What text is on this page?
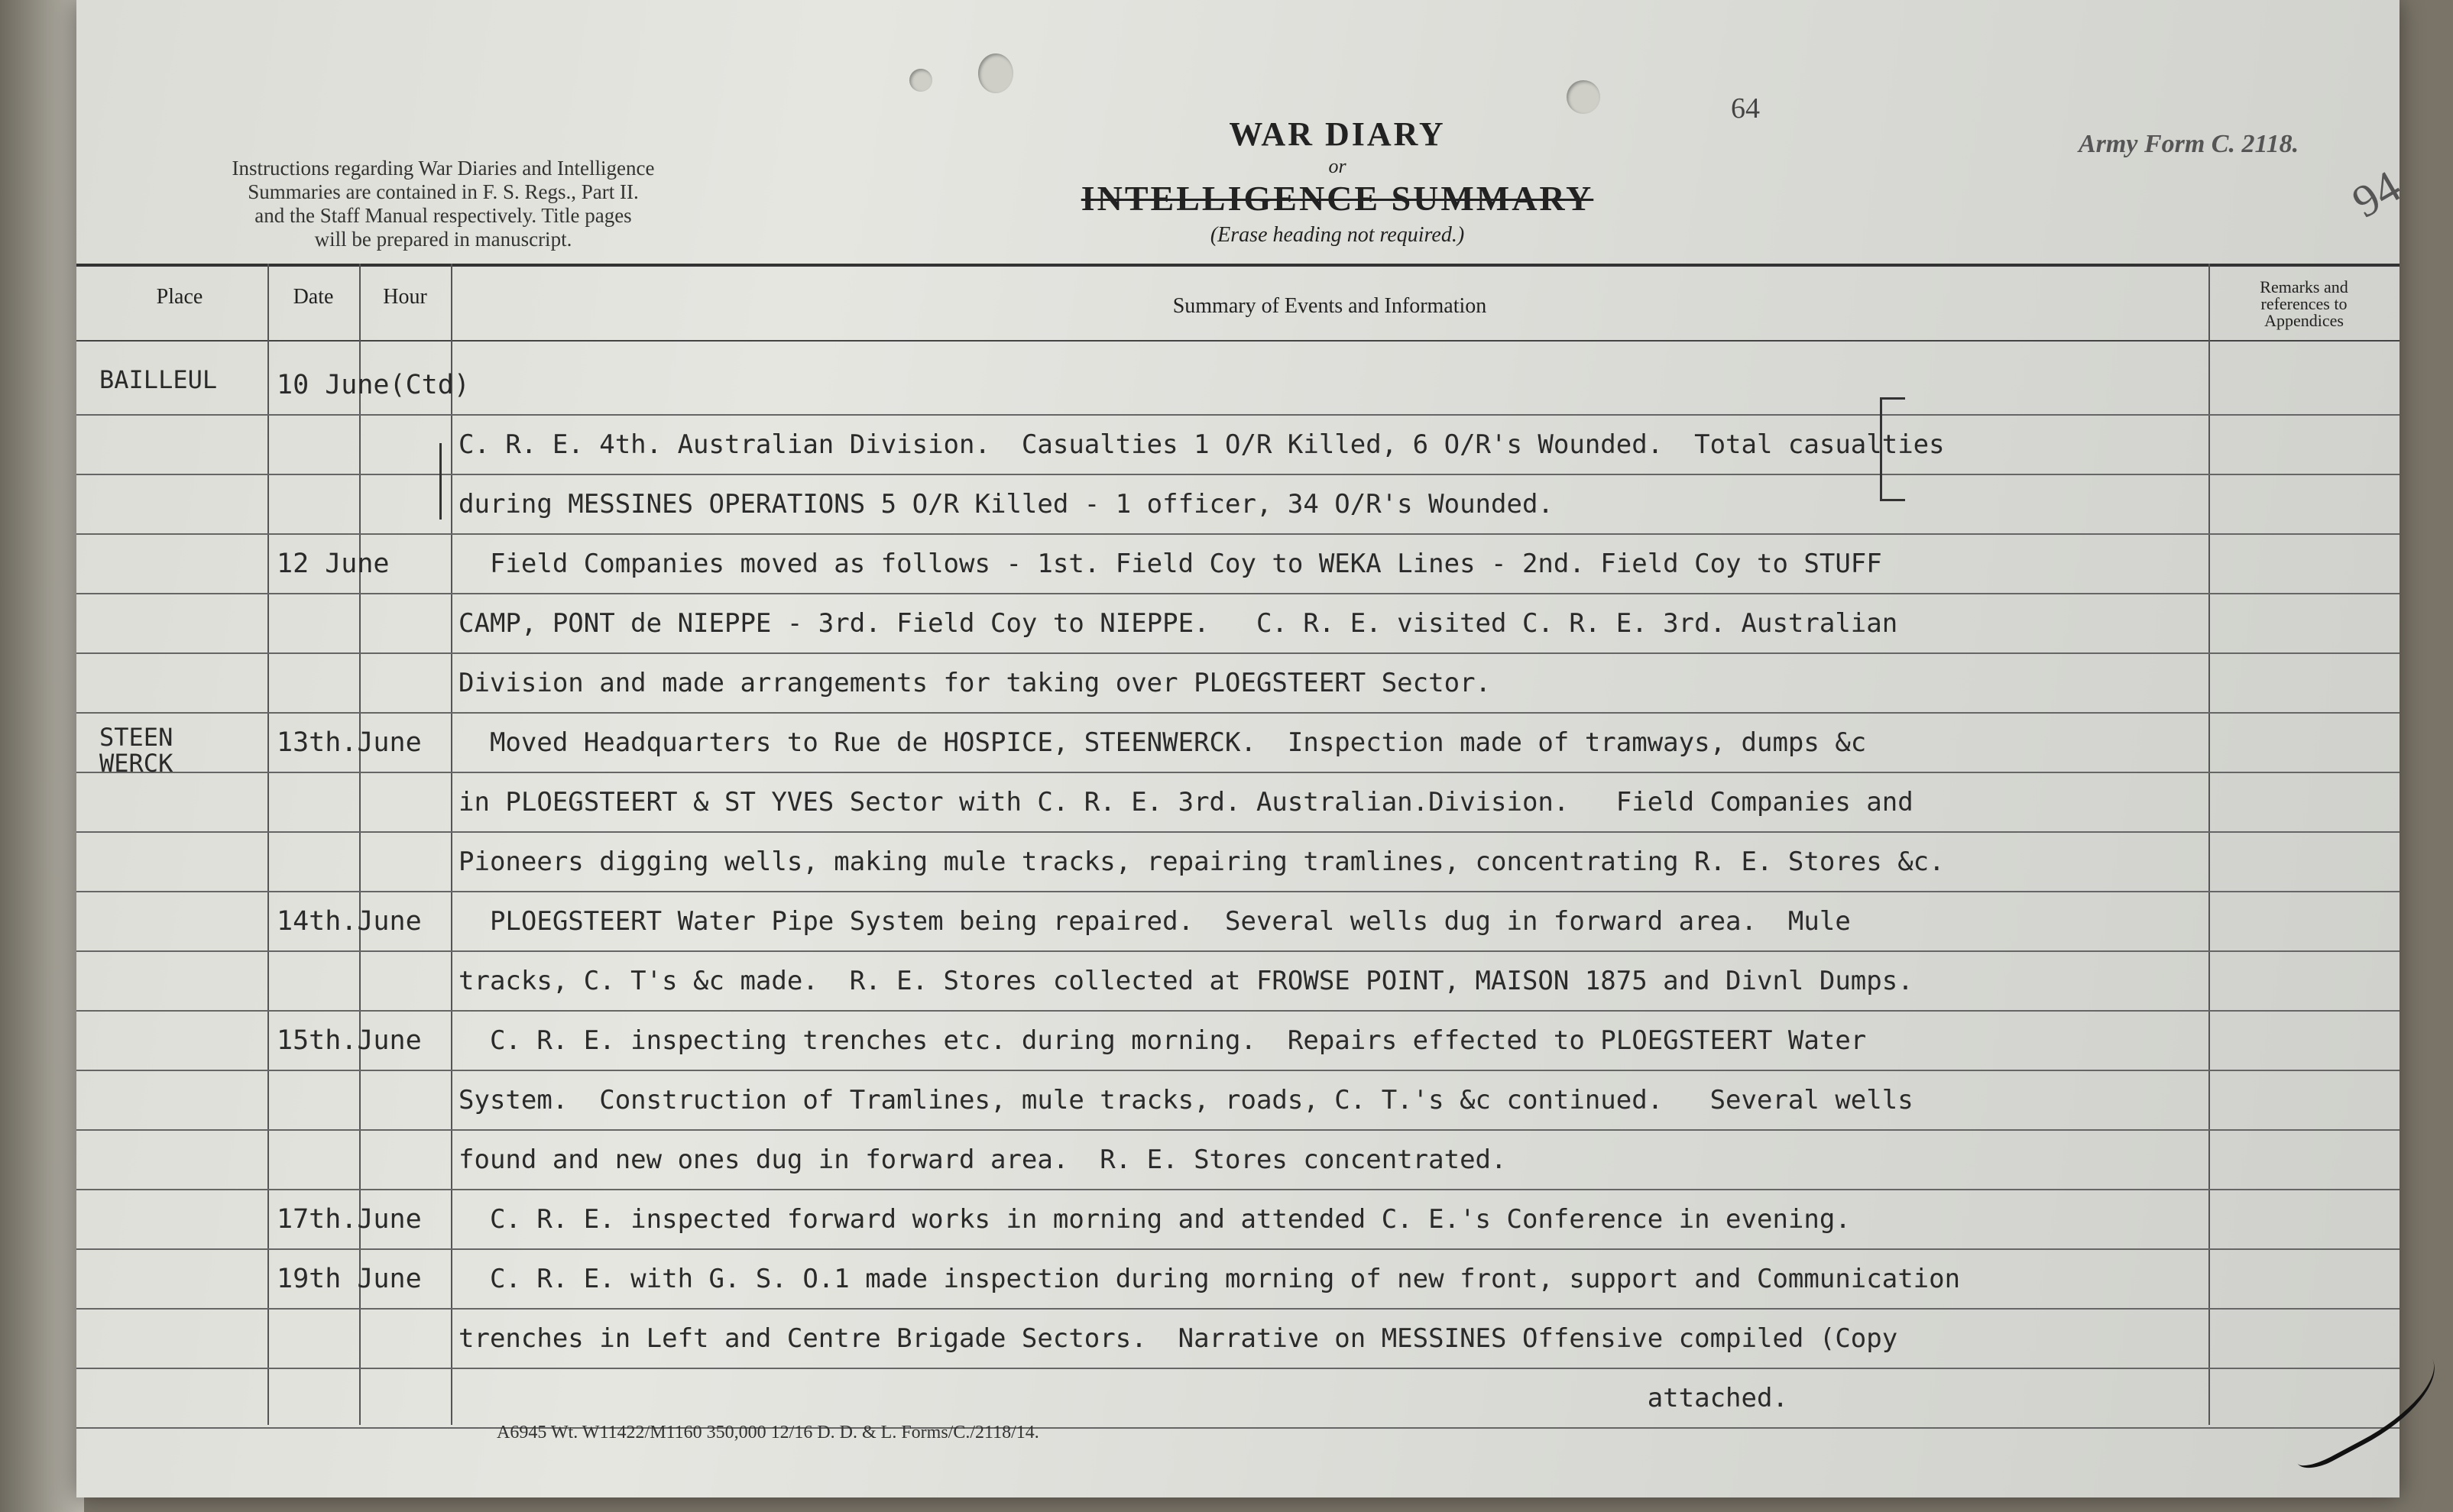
Instructions regarding War Diaries and Intelligence
Summaries are contained in F. S. Regs., Part II.
and the Staff Manual respectively. Title pages
will be prepared in manuscript.
WAR DIARY
or
INTELLIGENCE SUMMARY
(Erase heading not required.)
64
Army Form C. 2118.
94
Place	Date	Hour	Summary of Events and Information
Remarks and
references to
Appendices
BAILLEUL 10 June(Ctd)
C. R. E. 4th. Australian Division.  Casualties 1 O/R Killed, 6 O/R's Wounded.  Total casualties
during MESSINES OPERATIONS 5 O/R Killed - 1 officer, 34 O/R's Wounded.
12 June	Field Companies moved as follows - 1st. Field Coy to WEKA Lines - 2nd. Field Coy to STUFF
CAMP, PONT de NIEPPE - 3rd. Field Coy to NIEPPE.   C. R. E. visited C. R. E. 3rd. Australian
Division and made arrangements for taking over PLOEGSTEERT Sector.
STEEN
WERCK
13th.June Moved Headquarters to Rue de HOSPICE, STEENWERCK.  Inspection made of tramways, dumps &c
in PLOEGSTEERT & ST YVES Sector with C. R. E. 3rd. Australian.Division.   Field Companies and
Pioneers digging wells, making mule tracks, repairing tramlines, concentrating R. E. Stores &c.
14th.June PLOEGSTEERT Water Pipe System being repaired.  Several wells dug in forward area.  Mule
tracks, C. T's &c made.  R. E. Stores collected at FROWSE POINT, MAISON 1875 and Divnl Dumps.
15th.June C. R. E. inspecting trenches etc. during morning.  Repairs effected to PLOEGSTEERT Water
System.  Construction of Tramlines, mule tracks, roads, C. T.'s &c continued.   Several wells
found and new ones dug in forward area.  R. E. Stores concentrated.
17th.June C. R. E. inspected forward works in morning and attended C. E.'s Conference in evening.
19th June C. R. E. with G. S. O.1 made inspection during morning of new front, support and Communication
trenches in Left and Centre Brigade Sectors.  Narrative on MESSINES Offensive compiled (Copy
attached.
A6945 Wt. W11422/M1160 350,000 12/16 D. D. & L. Forms/C./2118/14.
